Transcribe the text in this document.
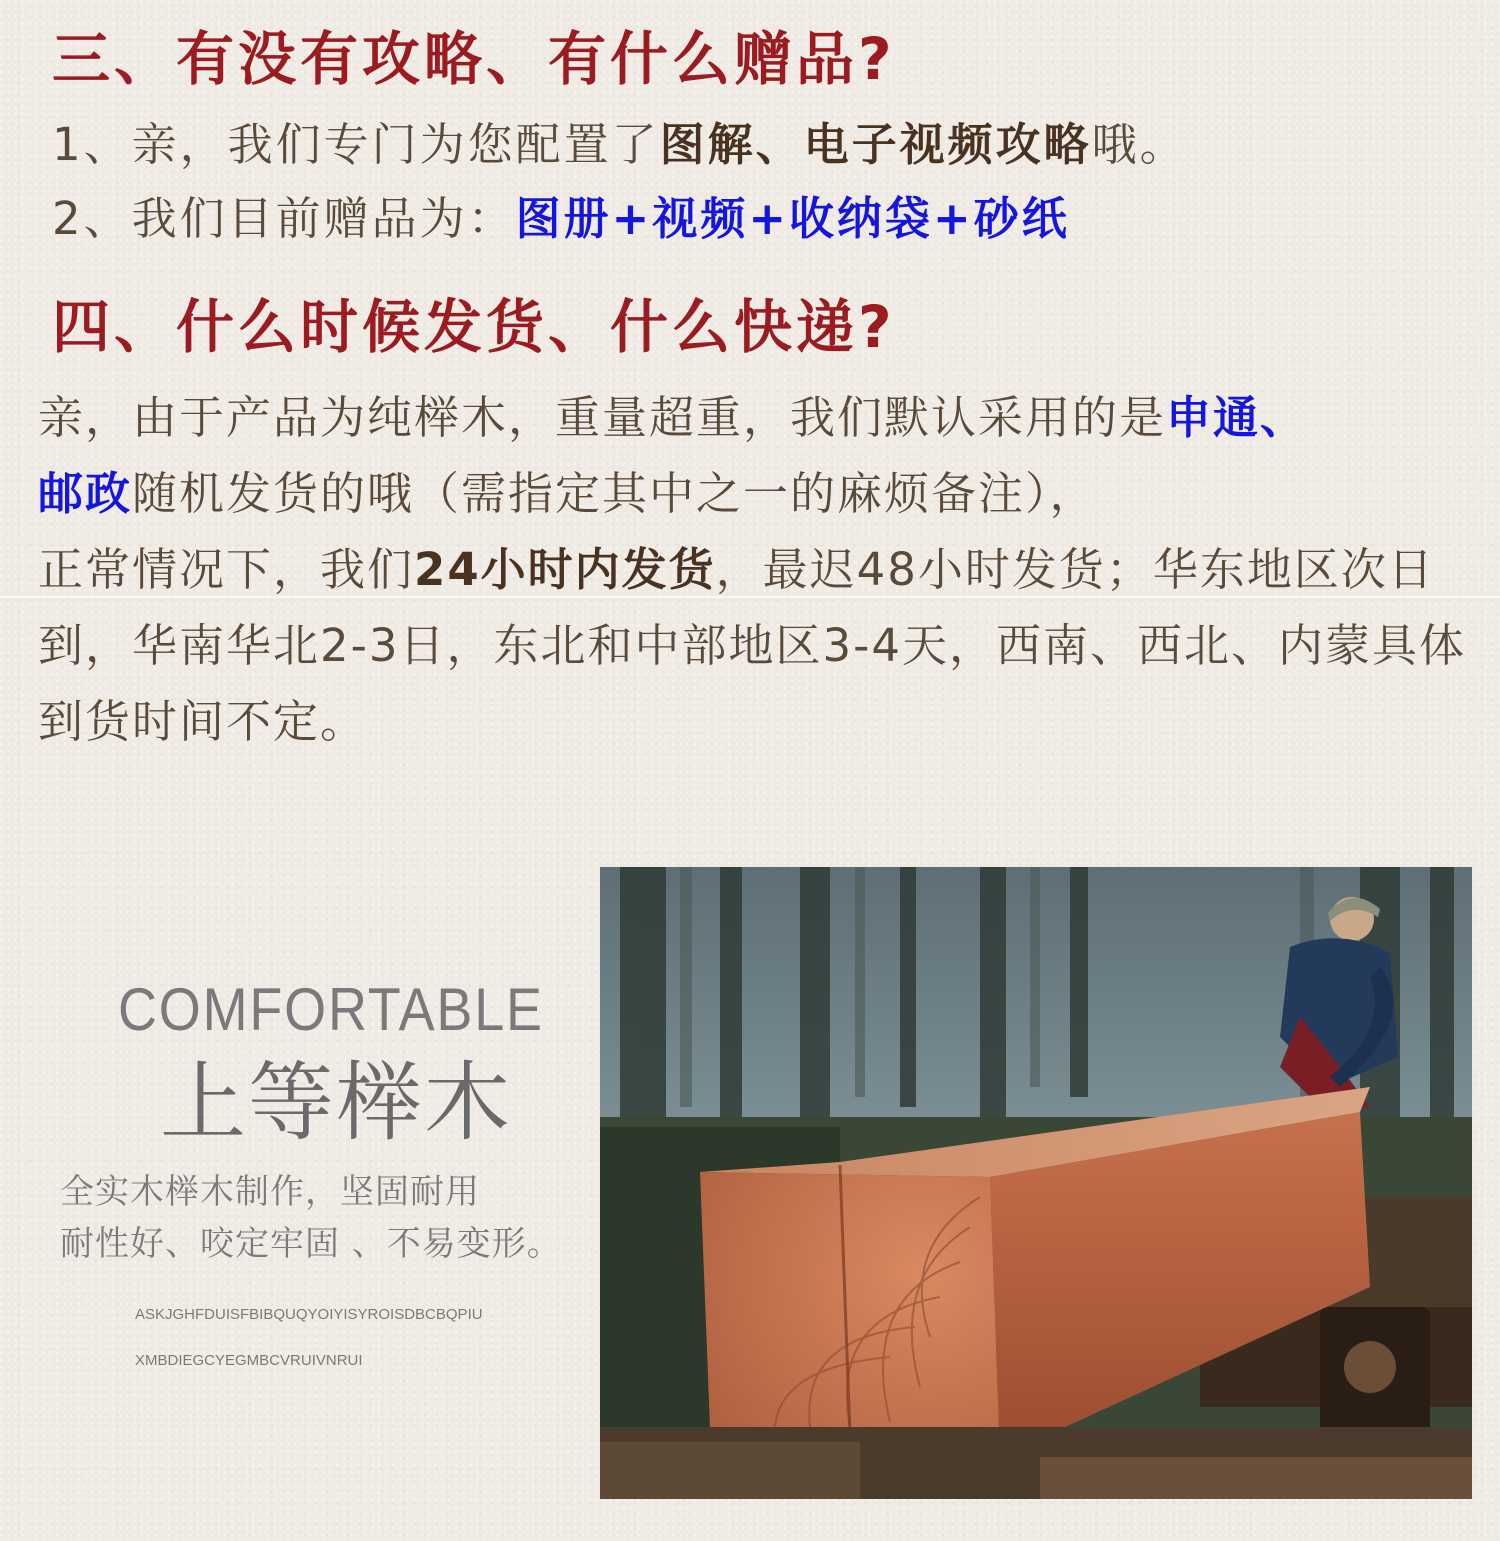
三、有没有攻略、有什么赠品?

1、亲，我们专门为您配置了图解、电子视频攻略哦。

2、我们目前赠品为：图册+视频+收纳袋+砂纸

四、什么时候发货、什么快递?

亲，由于产品为纯榉木，重量超重，我们默认采用的是申通、
邮政随机发货的哦（需指定其中之一的麻烦备注），
正常情况下，我们24小时内发货，最迟48小时发货；华东地区次日到，华南华北2-3日，东北和中部地区3-4天，西南、西北、内蒙具体到货时间不定。

COMFORTABLE
上等榉木
全实木榉木制作，坚固耐用
耐性好、咬定牢固 、不易变形。
ASKJGHFDUISFBIBQUQYOIYISYROISDBCBQPIU
XMBDIEGCYEGMBCVRUIVNRUI
